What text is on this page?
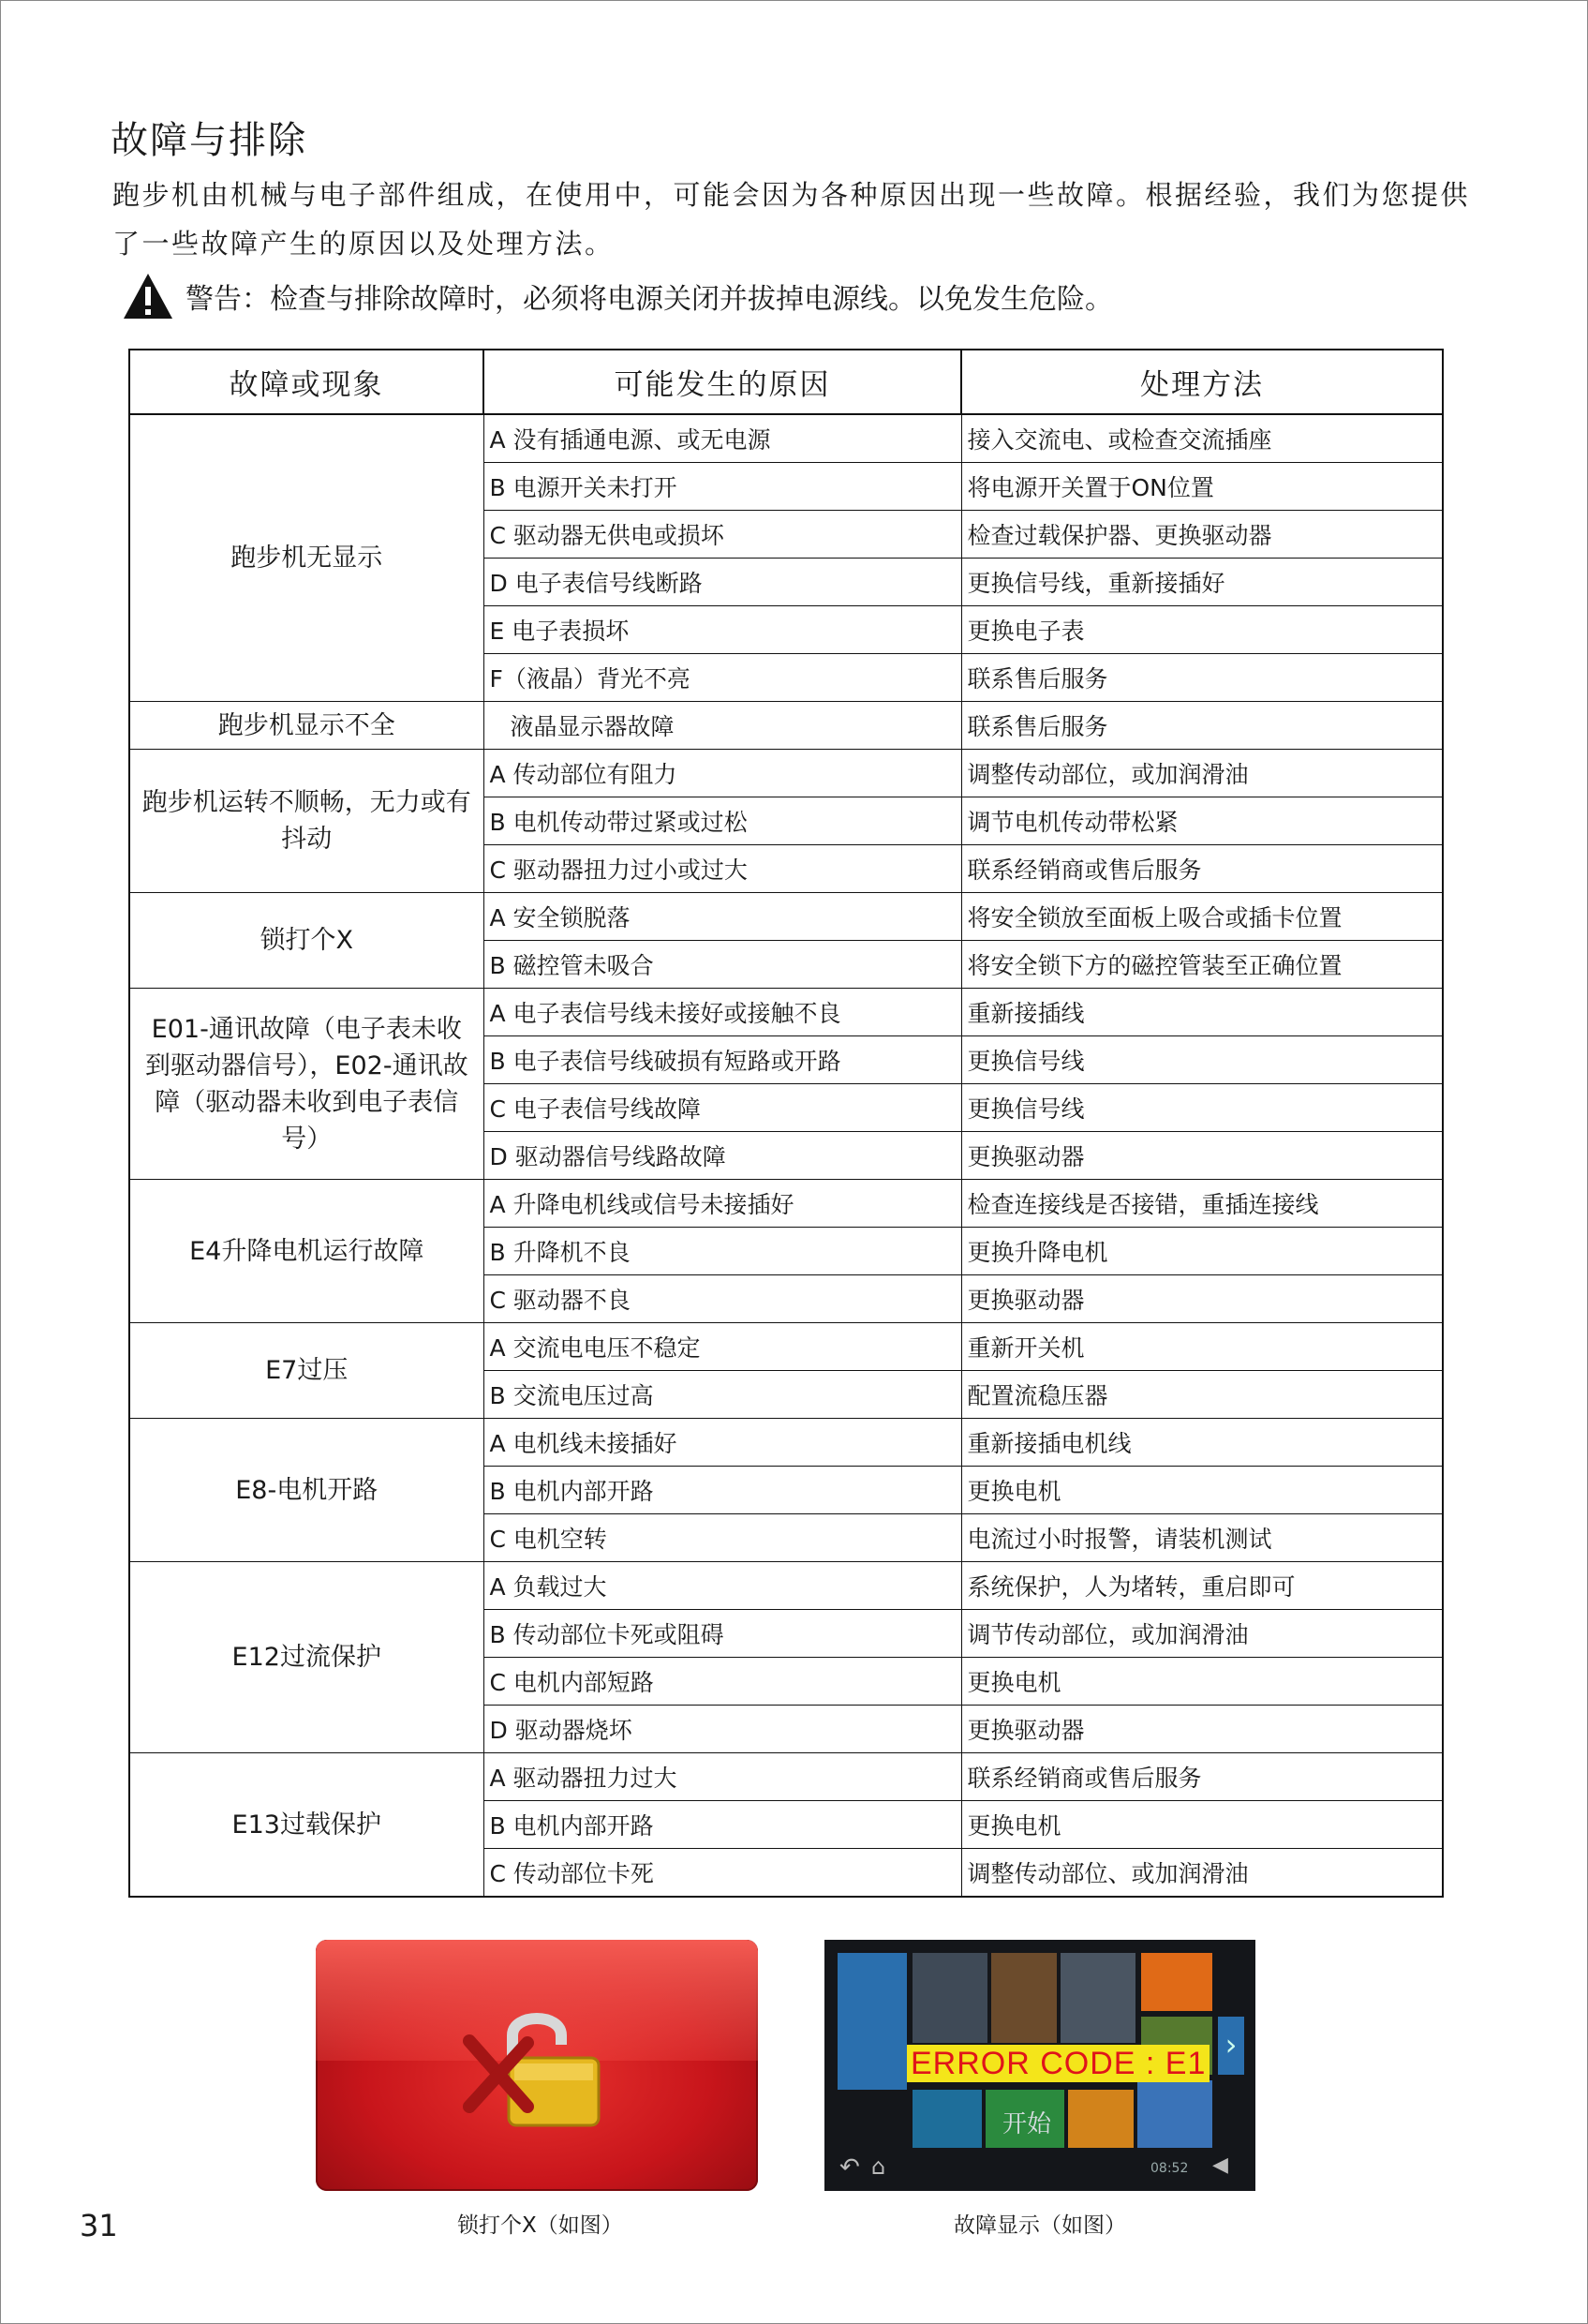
故障与排除

跑步机由机械与电子部件组成，在使用中，可能会因为各种原因出现一些故障。根据经验，我们为您提供了一些故障产生的原因以及处理方法。

警告：检查与排除故障时，必须将电源关闭并拔掉电源线。以免发生危险。
故障或现象	可能发生的原因	处理方法
跑步机无显示	A 没有插通电源、或无电源	接入交流电、或检查交流插座
	B 电源开关未打开	将电源开关置于ON位置
	C 驱动器无供电或损坏	检查过载保护器、更换驱动器
	D 电子表信号线断路	更换信号线，重新接插好
	E 电子表损坏	更换电子表
	F（液晶）背光不亮	联系售后服务
跑步机显示不全	液晶显示器故障	联系售后服务
跑步机运转不顺畅，无力或有抖动	A 传动部位有阻力	调整传动部位，或加润滑油
	B 电机传动带过紧或过松	调节电机传动带松紧
	C 驱动器扭力过小或过大	联系经销商或售后服务
锁打个X	A 安全锁脱落	将安全锁放至面板上吸合或插卡位置
	B 磁控管未吸合	将安全锁下方的磁控管装至正确位置
E01-通讯故障（电子表未收到驱动器信号），E02-通讯故障（驱动器未收到电子表信号）	A 电子表信号线未接好或接触不良	重新接插线
	B 电子表信号线破损有短路或开路	更换信号线
	C 电子表信号线故障	更换信号线
	D 驱动器信号线路故障	更换驱动器
E4升降电机运行故障	A 升降电机线或信号未接插好	检查连接线是否接错，重插连接线
	B 升降机不良	更换升降电机
	C 驱动器不良	更换驱动器
E7过压	A 交流电电压不稳定	重新开关机
	B 交流电压过高	配置流稳压器
E8-电机开路	A 电机线未接插好	重新接插电机线
	B 电机内部开路	更换电机
	C 电机空转	电流过小时报警，请装机测试
E12过流保护	A 负载过大	系统保护，人为堵转，重启即可
	B 传动部位卡死或阻碍	调节传动部位，或加润滑油
	C 电机内部短路	更换电机
	D 驱动器烧坏	更换驱动器
E13过载保护	A 驱动器扭力过大	联系经销商或售后服务
	B 电机内部开路	更换电机
	C 传动部位卡死	调整传动部位、或加润滑油
›
ERROR CODE : E1
开始
↶ ⌂	08:52 ◀
31	锁打个X（如图）	故障显示（如图）
